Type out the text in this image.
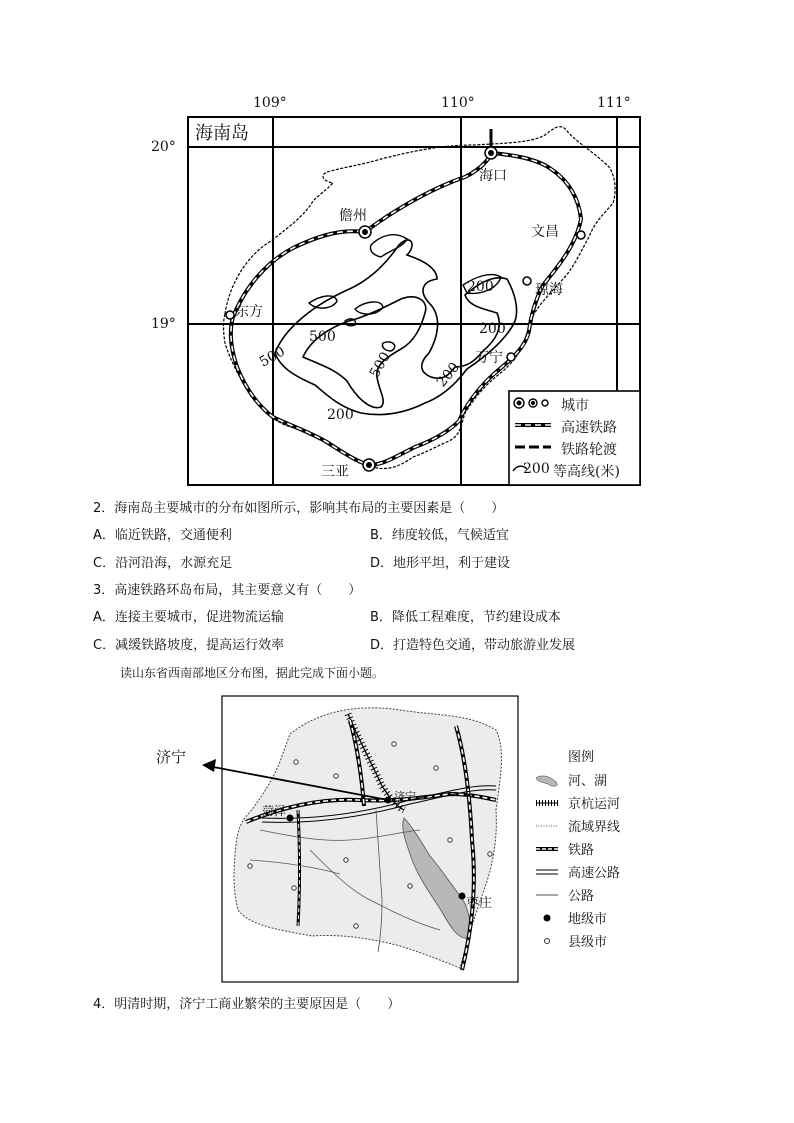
109°	110°	111°
20°
19°
海南岛
海口
儋州
文昌
琼海
东方
万宁
三亚
200
200
500
500	500	200
200
城市
高速铁路
铁路轮渡
200 等高线(米)
2．海南岛主要城市的分布如图所示，影响其布局的主要因素是（　　）
A．临近铁路，交通便利	B．纬度较低，气候适宜
C．沿河沿海，水源充足	D．地形平坦，利于建设
3．高速铁路环岛布局，其主要意义有（　　）
A．连接主要城市，促进物流运输	B．降低工程难度，节约建设成本
C．减缓铁路坡度，提高运行效率	D．打造特色交通，带动旅游业发展
读山东省西南部地区分布图，据此完成下面小题。
济宁
菏泽
济宁
枣庄
图例
河、湖
京杭运河
流域界线
铁路
高速公路
公路
地级市
县级市
4．明清时期，济宁工商业繁荣的主要原因是（　　）
